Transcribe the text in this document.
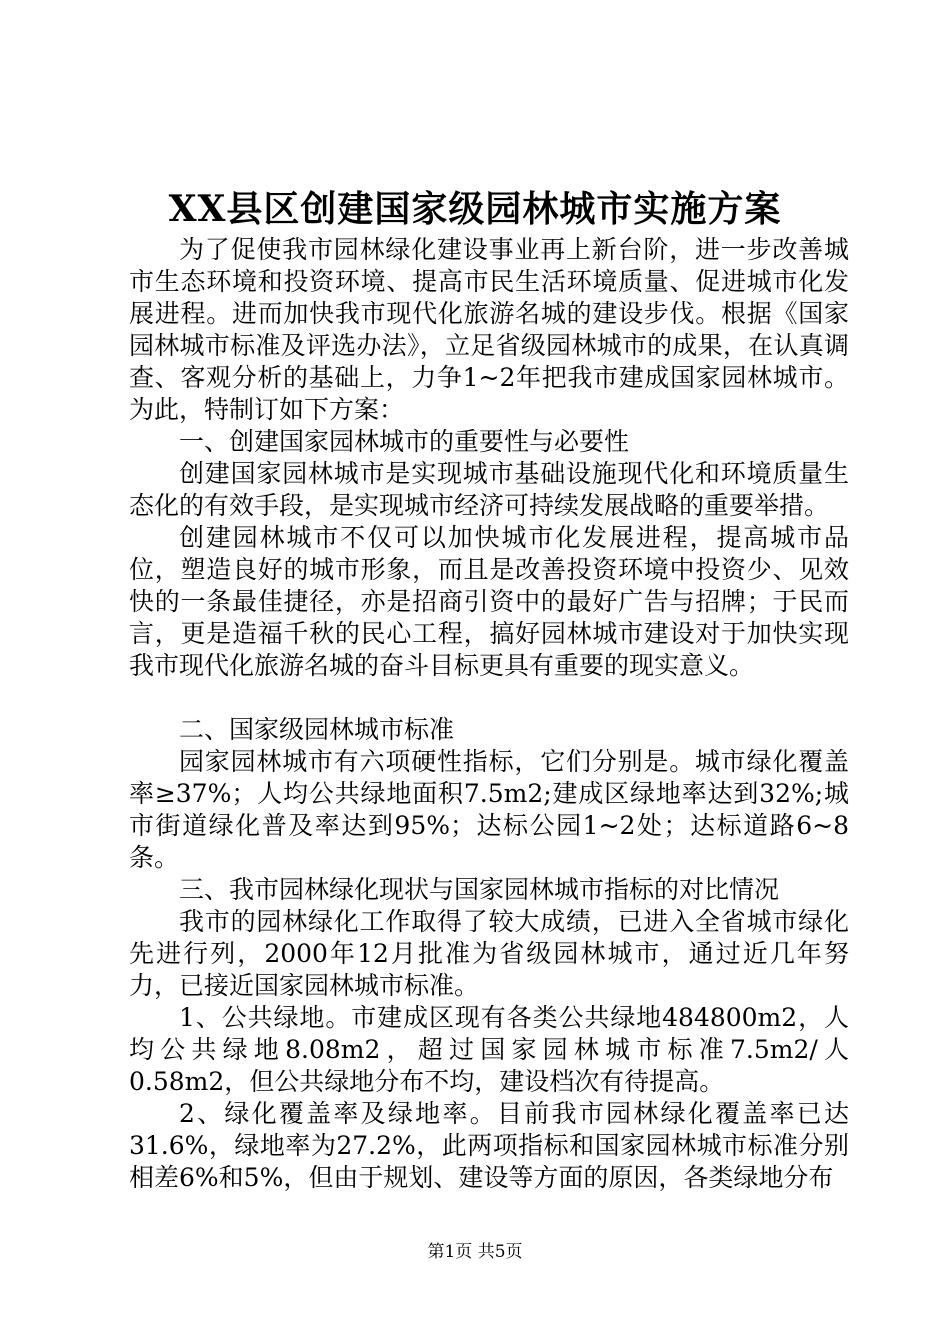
XX县区创建国家级园林城市实施方案

为了促使我市园林绿化建设事业再上新台阶，进一步改善城市生态环境和投资环境、提高市民生活环境质量、促进城市化发展进程。进而加快我市现代化旅游名城的建设步伐。根据《国家园林城市标准及评选办法》，立足省级园林城市的成果，在认真调查、客观分析的基础上，力争1~2年把我市建成国家园林城市。为此，特制订如下方案：

一、创建国家园林城市的重要性与必要性

创建国家园林城市是实现城市基础设施现代化和环境质量生态化的有效手段，是实现城市经济可持续发展战略的重要举措。

创建园林城市不仅可以加快城市化发展进程，提高城市品位，塑造良好的城市形象，而且是改善投资环境中投资少、见效快的一条最佳捷径，亦是招商引资中的最好广告与招牌；于民而言，更是造福千秋的民心工程，搞好园林城市建设对于加快实现我市现代化旅游名城的奋斗目标更具有重要的现实意义。

二、国家级园林城市标准

园家园林城市有六项硬性指标，它们分别是。城市绿化覆盖率≥37%；人均公共绿地面积7.5m2;建成区绿地率达到32%;城市街道绿化普及率达到95%；达标公园1~2处；达标道路6~8条。

三、我市园林绿化现状与国家园林城市指标的对比情况

我市的园林绿化工作取得了较大成绩，已进入全省城市绿化先进行列，2000年12月批准为省级园林城市，通过近几年努力，已接近国家园林城市标准。

1、公共绿地。市建成区现有各类公共绿地484800m2，人均公共绿地8.08m2，超过国家园林城市标准7.5m2/人0.58m2，但公共绿地分布不均，建设档次有待提高。

2、绿化覆盖率及绿地率。目前我市园林绿化覆盖率已达31.6%，绿地率为27.2%，此两项指标和国家园林城市标准分别相差6%和5%，但由于规划、建设等方面的原因，各类绿地分布

第1页 共5页
